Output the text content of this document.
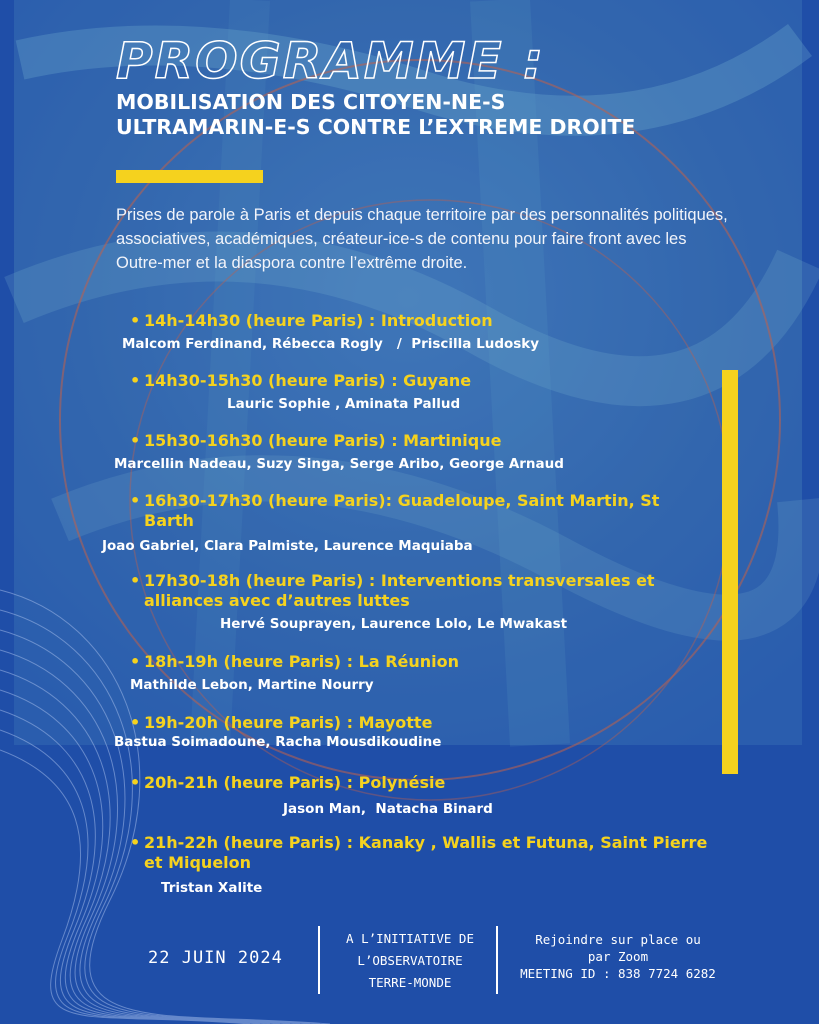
PROGRAMME :
MOBILISATION DES CITOYEN-NE-S
ULTRAMARIN-E-S CONTRE L’EXTREME DROITE
Prises de parole à Paris et depuis chaque territoire par des personnalités politiques, associatives, académiques, créateur-ice-s de contenu pour faire front avec les Outre-mer et la diaspora contre l’extrême droite.
• 14h-14h30 (heure Paris) : Introduction
Malcom Ferdinand, Rébecca Rogly   /  Priscilla Ludosky
• 14h30-15h30 (heure Paris) : Guyane
Lauric Sophie , Aminata Pallud
• 15h30-16h30 (heure Paris) : Martinique
Marcellin Nadeau, Suzy Singa, Serge Aribo, George Arnaud
• 16h30-17h30 (heure Paris): Guadeloupe, Saint Martin, St Barth
Joao Gabriel, Clara Palmiste, Laurence Maquiaba
• 17h30-18h (heure Paris) : Interventions transversales et alliances avec d’autres luttes
Hervé Souprayen, Laurence Lolo, Le Mwakast
• 18h-19h (heure Paris) : La Réunion
Mathilde Lebon, Martine Nourry
• 19h-20h (heure Paris) : Mayotte
Bastua Soimadoune, Racha Mousdikoudine
• 20h-21h (heure Paris) : Polynésie
Jason Man,  Natacha Binard
• 21h-22h (heure Paris) : Kanaky , Wallis et Futuna, Saint Pierre et Miquelon
Tristan Xalite
22 JUIN 2024
A L’INITIATIVE DE
L’OBSERVATOIRE
TERRE-MONDE
Rejoindre sur place ou
par Zoom
MEETING ID : 838 7724 6282
